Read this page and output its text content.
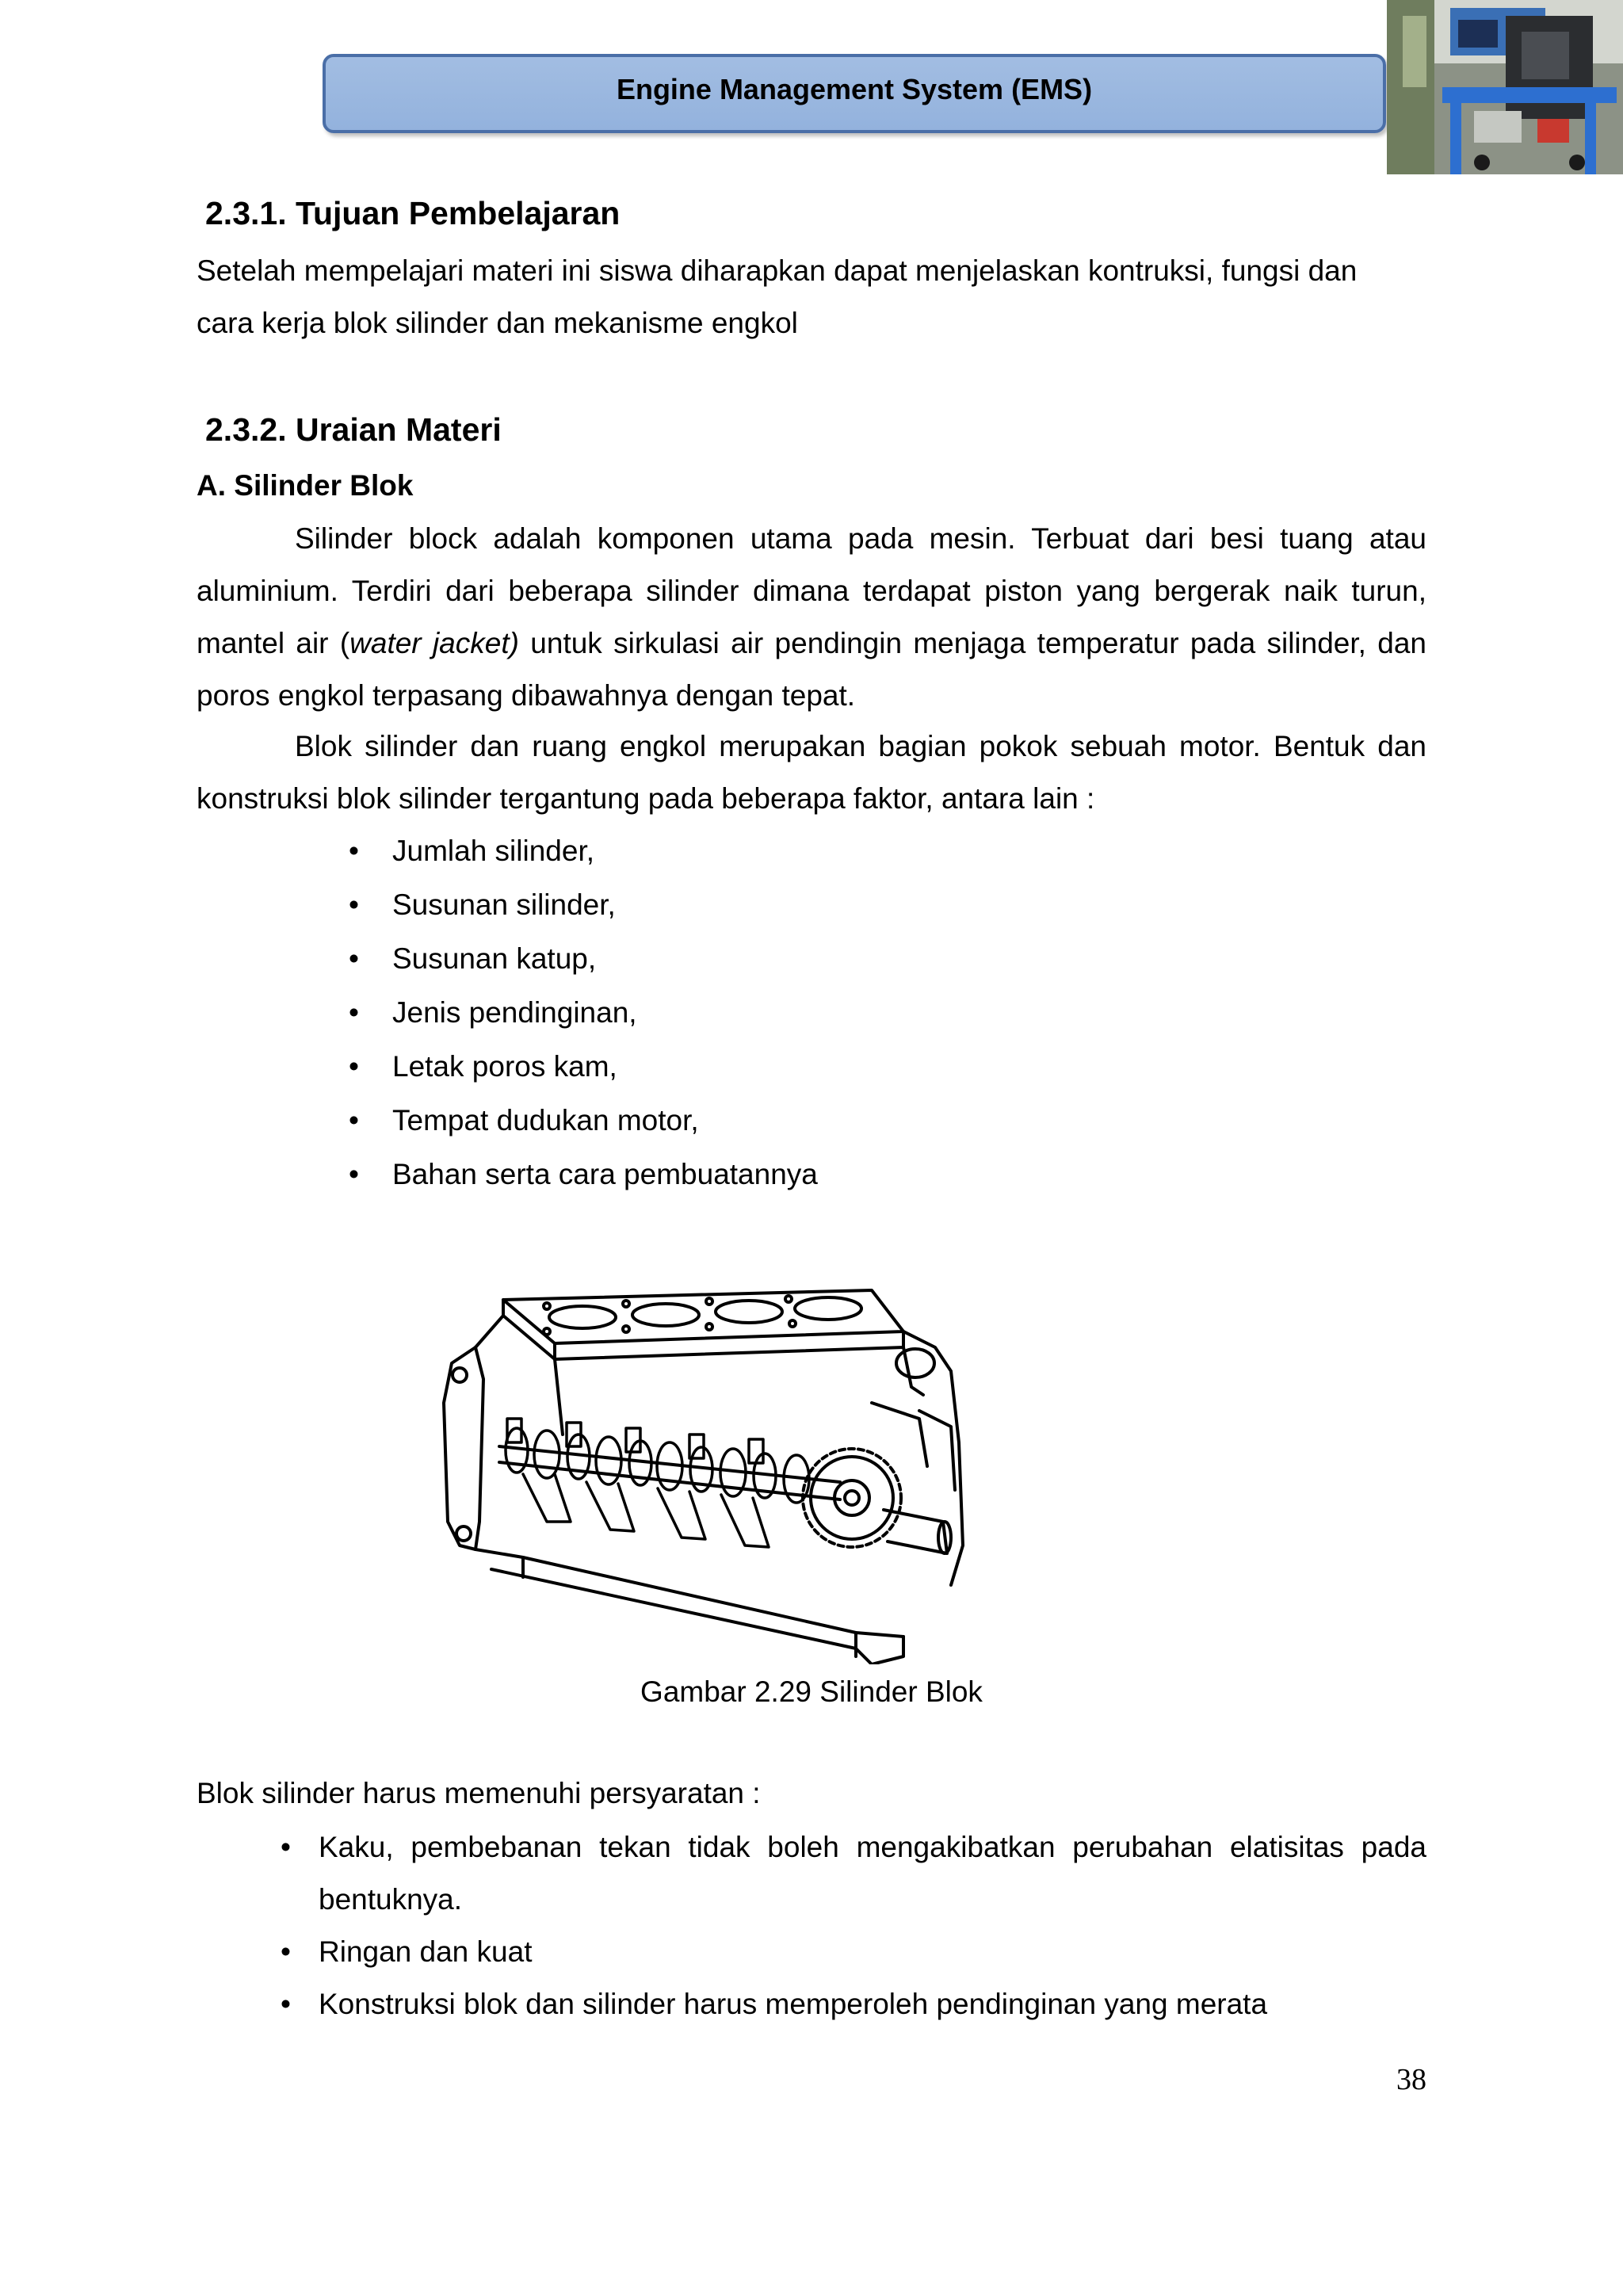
Engine Management System (EMS)
2.3.1. Tujuan Pembelajaran
Setelah mempelajari materi ini siswa diharapkan dapat menjelaskan kontruksi, fungsi dan
cara kerja blok silinder dan mekanisme engkol
2.3.2. Uraian Materi
A. Silinder Blok
Silinder block adalah komponen utama pada mesin. Terbuat dari besi tuang atau
aluminium. Terdiri dari beberapa silinder dimana terdapat piston yang bergerak naik turun,
mantel air (water jacket) untuk sirkulasi air pendingin menjaga temperatur pada silinder, dan
poros engkol terpasang dibawahnya dengan tepat.
Blok silinder dan ruang engkol merupakan bagian pokok sebuah motor. Bentuk dan
konstruksi blok silinder tergantung pada beberapa faktor, antara lain :
• Jumlah silinder,
• Susunan silinder,
• Susunan katup,
• Jenis pendinginan,
• Letak poros kam,
• Tempat dudukan motor,
• Bahan serta cara pembuatannya
Gambar 2.29 Silinder Blok
Blok silinder harus memenuhi persyaratan :
• Kaku, pembebanan tekan tidak boleh mengakibatkan perubahan elatisitas pada
bentuknya.
• Ringan dan kuat
• Konstruksi blok dan silinder harus memperoleh pendinginan yang merata
38
